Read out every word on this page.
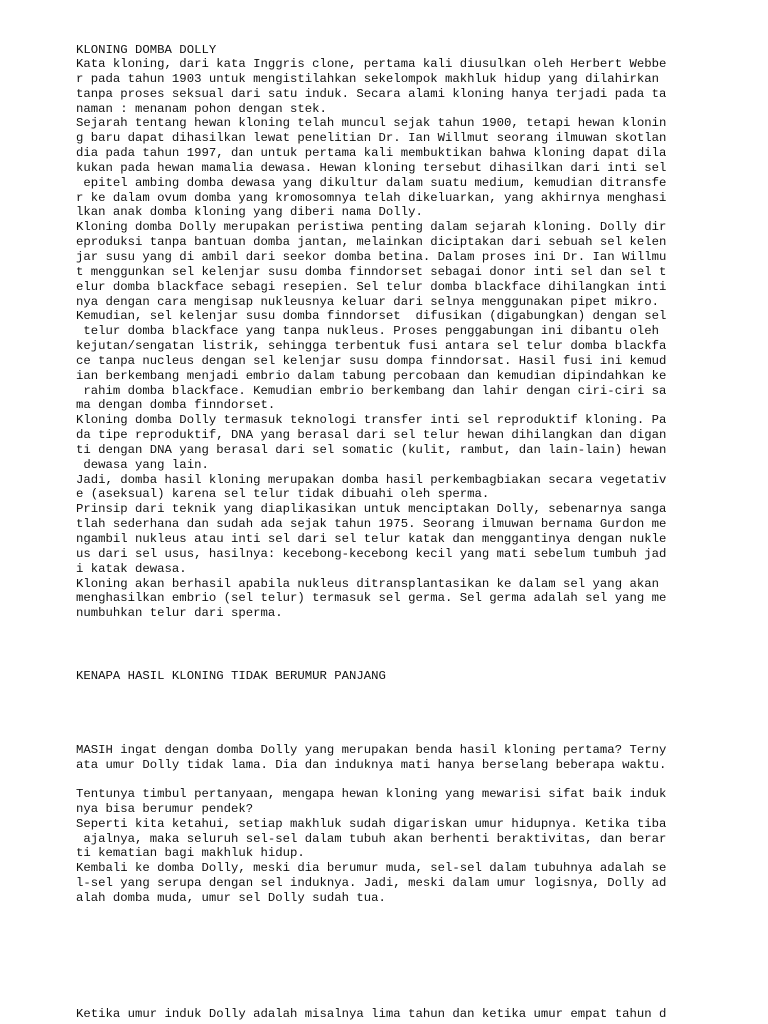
KLONING DOMBA DOLLY

Kata kloning, dari kata Inggris clone, pertama kali diusulkan oleh Herbert Webbe
r pada tahun 1903 untuk mengistilahkan sekelompok makhluk hidup yang dilahirkan
tanpa proses seksual dari satu induk. Secara alami kloning hanya terjadi pada ta
naman : menanam pohon dengan stek.
Sejarah tentang hewan kloning telah muncul sejak tahun 1900, tetapi hewan klonin
g baru dapat dihasilkan lewat penelitian Dr. Ian Willmut seorang ilmuwan skotlan
dia pada tahun 1997, dan untuk pertama kali membuktikan bahwa kloning dapat dila
kukan pada hewan mamalia dewasa. Hewan kloning tersebut dihasilkan dari inti sel
epitel ambing domba dewasa yang dikultur dalam suatu medium, kemudian ditransfe
r ke dalam ovum domba yang kromosomnya telah dikeluarkan, yang akhirnya menghasi
lkan anak domba kloning yang diberi nama Dolly.
Kloning domba Dolly merupakan peristiwa penting dalam sejarah kloning. Dolly dir
eproduksi tanpa bantuan domba jantan, melainkan diciptakan dari sebuah sel kelen
jar susu yang di ambil dari seekor domba betina. Dalam proses ini Dr. Ian Willmu
t menggunkan sel kelenjar susu domba finndorset sebagai donor inti sel dan sel t
elur domba blackface sebagi resepien. Sel telur domba blackface dihilangkan inti
nya dengan cara mengisap nukleusnya keluar dari selnya menggunakan pipet mikro.
Kemudian, sel kelenjar susu domba finndorset  difusikan (digabungkan) dengan sel
telur domba blackface yang tanpa nukleus. Proses penggabungan ini dibantu oleh
kejutan/sengatan listrik, sehingga terbentuk fusi antara sel telur domba blackfa
ce tanpa nucleus dengan sel kelenjar susu dompa finndorsat. Hasil fusi ini kemud
ian berkembang menjadi embrio dalam tabung percobaan dan kemudian dipindahkan ke
rahim domba blackface. Kemudian embrio berkembang dan lahir dengan ciri-ciri sa
ma dengan domba finndorset.
Kloning domba Dolly termasuk teknologi transfer inti sel reproduktif kloning. Pa
da tipe reproduktif, DNA yang berasal dari sel telur hewan dihilangkan dan digan
ti dengan DNA yang berasal dari sel somatic (kulit, rambut, dan lain-lain) hewan
dewasa yang lain.
Jadi, domba hasil kloning merupakan domba hasil perkembagbiakan secara vegetativ
e (aseksual) karena sel telur tidak dibuahi oleh sperma.
Prinsip dari teknik yang diaplikasikan untuk menciptakan Dolly, sebenarnya sanga
tlah sederhana dan sudah ada sejak tahun 1975. Seorang ilmuwan bernama Gurdon me
ngambil nukleus atau inti sel dari sel telur katak dan menggantinya dengan nukle
us dari sel usus, hasilnya: kecebong-kecebong kecil yang mati sebelum tumbuh jad
i katak dewasa.
Kloning akan berhasil apabila nukleus ditransplantasikan ke dalam sel yang akan
menghasilkan embrio (sel telur) termasuk sel germa. Sel germa adalah sel yang me
numbuhkan telur dari sperma.

KENAPA HASIL KLONING TIDAK BERUMUR PANJANG

MASIH ingat dengan domba Dolly yang merupakan benda hasil kloning pertama? Terny
ata umur Dolly tidak lama. Dia dan induknya mati hanya berselang beberapa waktu.
Tentunya timbul pertanyaan, mengapa hewan kloning yang mewarisi sifat baik induk
nya bisa berumur pendek?
Seperti kita ketahui, setiap makhluk sudah digariskan umur hidupnya. Ketika tiba
ajalnya, maka seluruh sel-sel dalam tubuh akan berhenti beraktivitas, dan berar
ti kematian bagi makhluk hidup.
Kembali ke domba Dolly, meski dia berumur muda, sel-sel dalam tubuhnya adalah se
l-sel yang serupa dengan sel induknya. Jadi, meski dalam umur logisnya, Dolly ad
alah domba muda, umur sel Dolly sudah tua.
Ketika umur induk Dolly adalah misalnya lima tahun dan ketika umur empat tahun d
